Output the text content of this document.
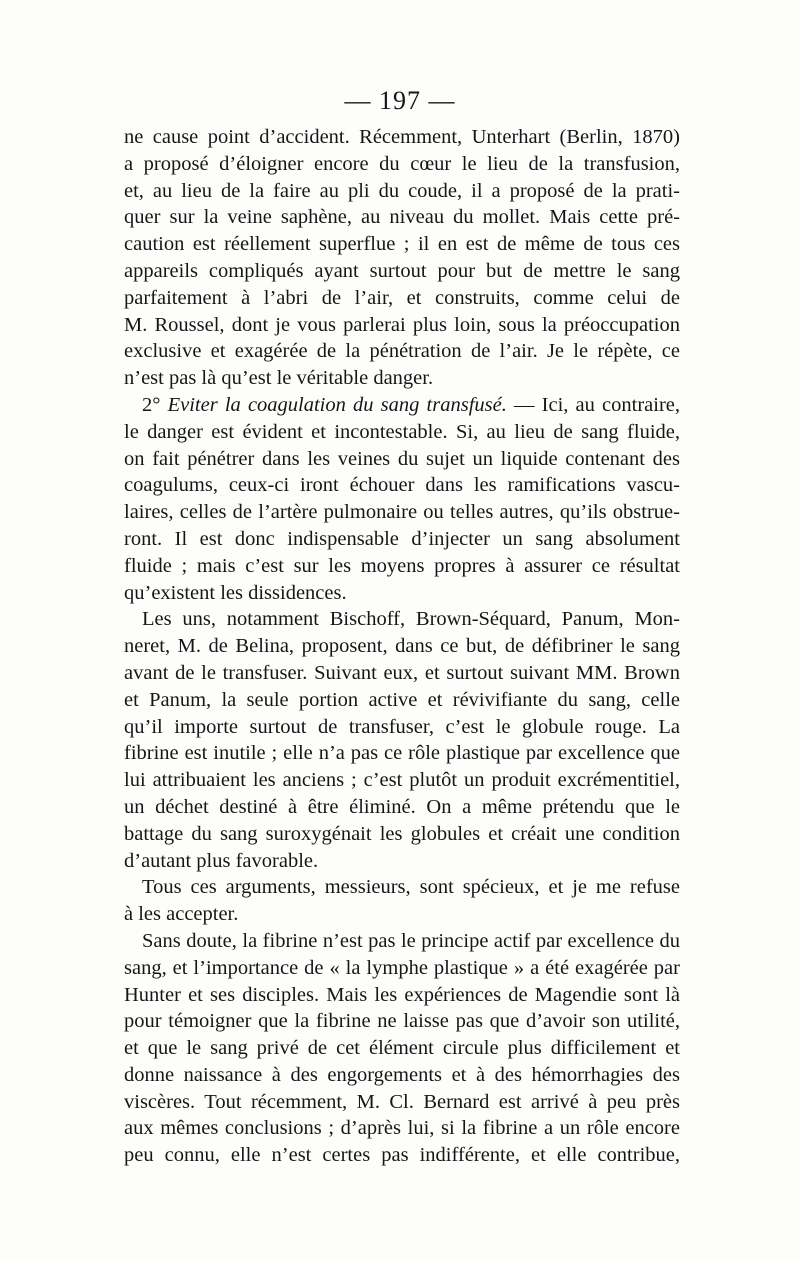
— 197 —
ne cause point d’accident. Récemment, Unterhart (Berlin, 1870)
a proposé d’éloigner encore du cœur le lieu de la transfusion,
et, au lieu de la faire au pli du coude, il a proposé de la prati-
quer sur la veine saphène, au niveau du mollet. Mais cette pré-
caution est réellement superflue ; il en est de même de tous ces
appareils compliqués ayant surtout pour but de mettre le sang
parfaitement à l’abri de l’air, et construits, comme celui de
M. Roussel, dont je vous parlerai plus loin, sous la préoccupation
exclusive et exagérée de la pénétration de l’air. Je le répète, ce
n’est pas là qu’est le véritable danger.
2° Eviter la coagulation du sang transfusé. — Ici, au contraire,
le danger est évident et incontestable. Si, au lieu de sang fluide,
on fait pénétrer dans les veines du sujet un liquide contenant des
coagulums, ceux-ci iront échouer dans les ramifications vascu-
laires, celles de l’artère pulmonaire ou telles autres, qu’ils obstrue-
ront. Il est donc indispensable d’injecter un sang absolument
fluide ; mais c’est sur les moyens propres à assurer ce résultat
qu’existent les dissidences.
Les uns, notamment Bischoff, Brown-Séquard, Panum, Mon-
neret, M. de Belina, proposent, dans ce but, de défibriner le sang
avant de le transfuser. Suivant eux, et surtout suivant MM. Brown
et Panum, la seule portion active et révivifiante du sang, celle
qu’il importe surtout de transfuser, c’est le globule rouge. La
fibrine est inutile ; elle n’a pas ce rôle plastique par excellence que
lui attribuaient les anciens ; c’est plutôt un produit excrémentitiel,
un déchet destiné à être éliminé. On a même prétendu que le
battage du sang suroxygénait les globules et créait une condition
d’autant plus favorable.
Tous ces arguments, messieurs, sont spécieux, et je me refuse
à les accepter.
Sans doute, la fibrine n’est pas le principe actif par excellence du
sang, et l’importance de « la lymphe plastique » a été exagérée par
Hunter et ses disciples. Mais les expériences de Magendie sont là
pour témoigner que la fibrine ne laisse pas que d’avoir son utilité,
et que le sang privé de cet élément circule plus difficilement et
donne naissance à des engorgements et à des hémorrhagies des
viscères. Tout récemment, M. Cl. Bernard est arrivé à peu près
aux mêmes conclusions ; d’après lui, si la fibrine a un rôle encore
peu connu, elle n’est certes pas indifférente, et elle contribue,
